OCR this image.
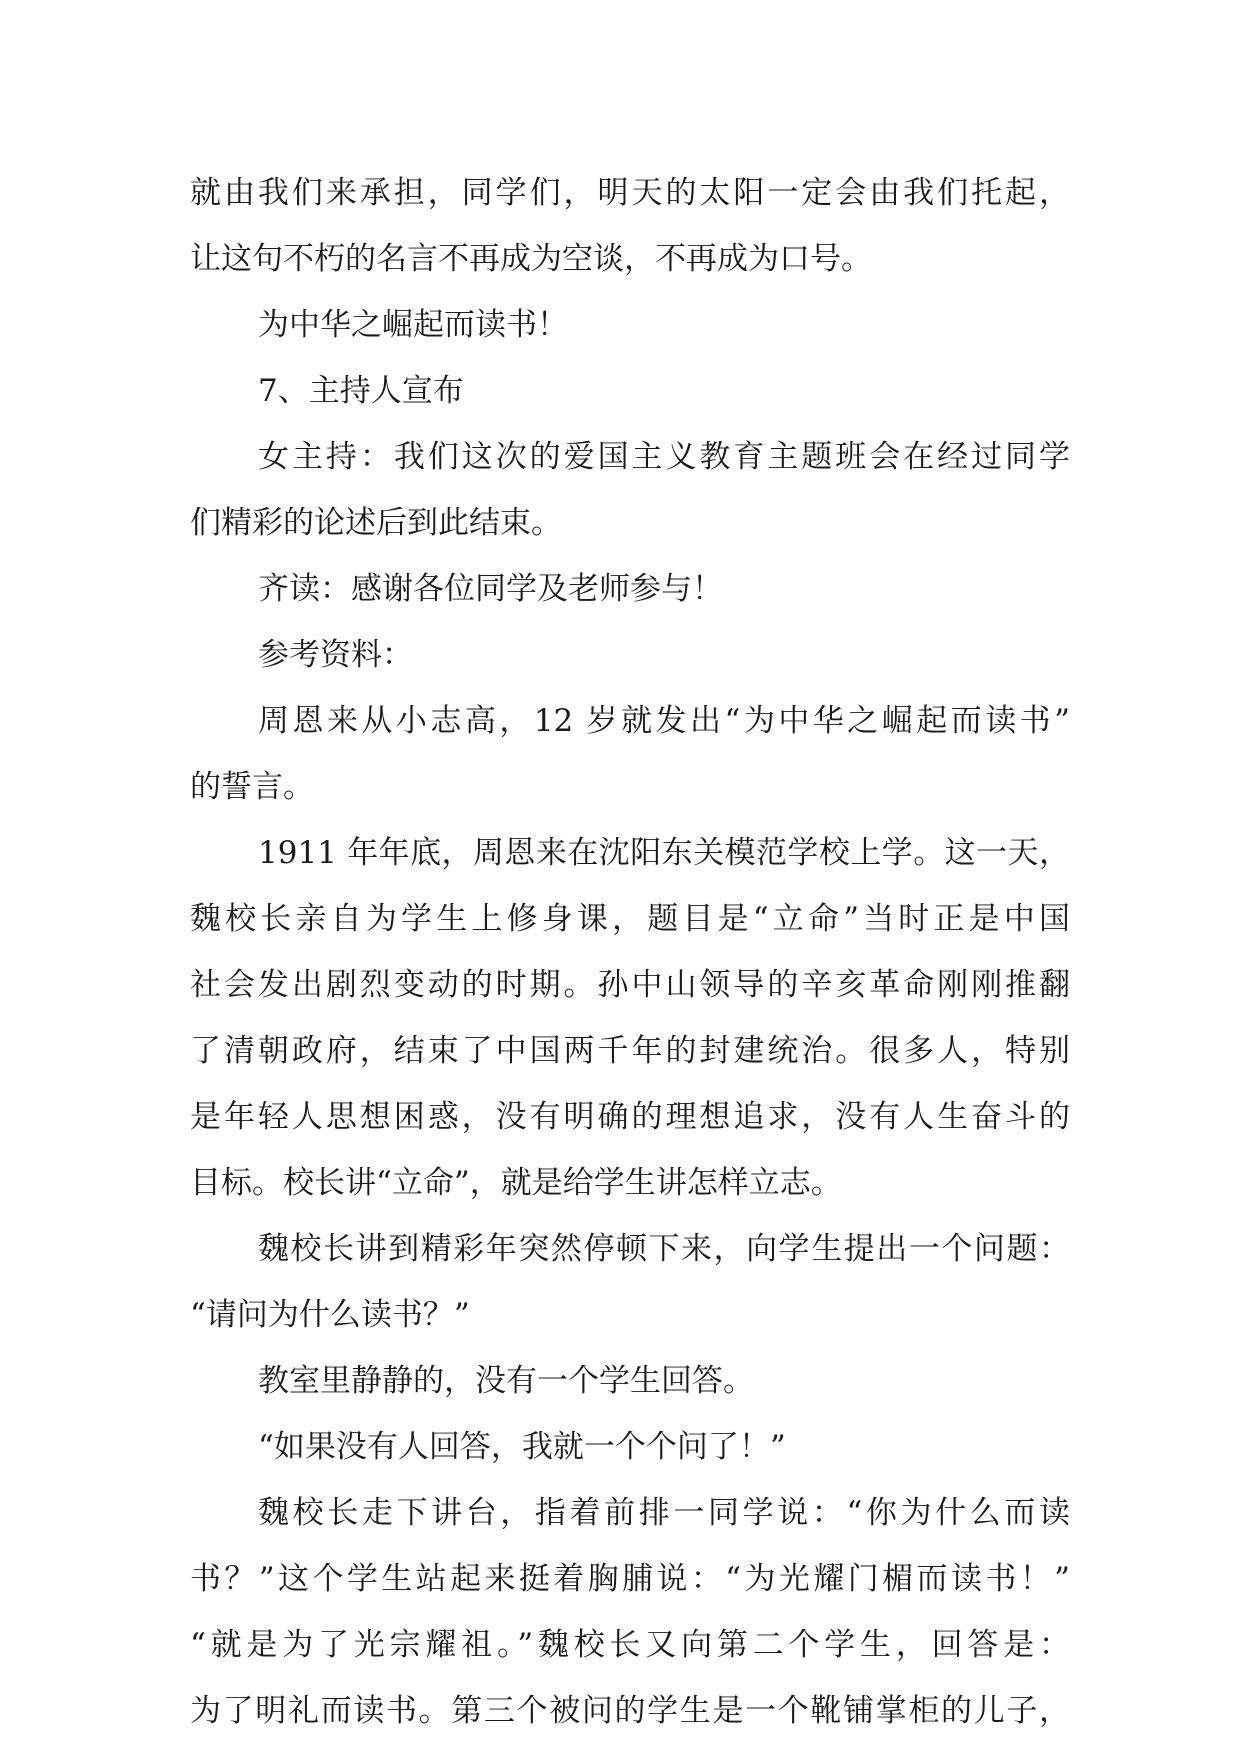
就由我们来承担，同学们，明天的太阳一定会由我们托起，
让这句不朽的名言不再成为空谈，不再成为口号。
为中华之崛起而读书！
7、主持人宣布
女主持：我们这次的爱国主义教育主题班会在经过同学
们精彩的论述后到此结束。
齐读：感谢各位同学及老师参与！
参考资料：
周恩来从小志高，12 岁就发出“为中华之崛起而读书”
的誓言。
1911 年年底，周恩来在沈阳东关模范学校上学。这一天，
魏校长亲自为学生上修身课，题目是“立命”当时正是中国
社会发出剧烈变动的时期。孙中山领导的辛亥革命刚刚推翻
了清朝政府，结束了中国两千年的封建统治。很多人，特别
是年轻人思想困惑，没有明确的理想追求，没有人生奋斗的
目标。校长讲“立命”，就是给学生讲怎样立志。
魏校长讲到精彩年突然停顿下来，向学生提出一个问题：
“请问为什么读书？”
教室里静静的，没有一个学生回答。
“如果没有人回答，我就一个个问了！”
魏校长走下讲台，指着前排一同学说：“你为什么而读
书？”这个学生站起来挺着胸脯说：“为光耀门楣而读书！”
“就是为了光宗耀祖。”魏校长又向第二个学生，回答是：
为了明礼而读书。第三个被问的学生是一个靴铺掌柜的儿子，
